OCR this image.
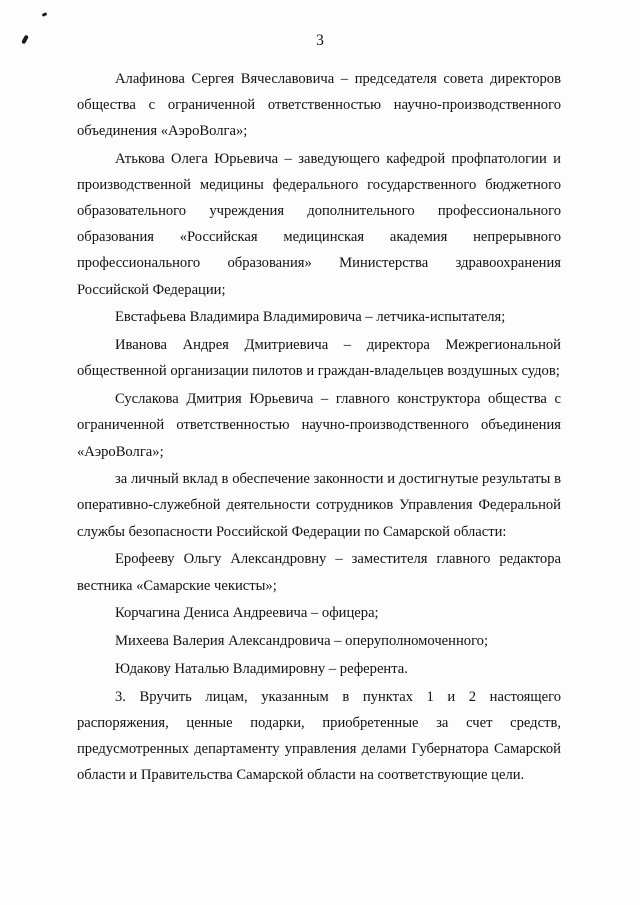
3

Алафинова Сергея Вячеславовича – председателя совета директоров общества с ограниченной ответственностью научно-производственного объединения «АэроВолга»;

Атькова Олега Юрьевича – заведующего кафедрой профпатологии и производственной медицины федерального государственного бюджетного образовательного учреждения дополнительного профессионального образования «Российская медицинская академия непрерывного профессионального образования» Министерства здравоохранения Российской Федерации;

Евстафьева Владимира Владимировича – летчика-испытателя;

Иванова Андрея Дмитриевича – директора Межрегиональной общественной организации пилотов и граждан-владельцев воздушных судов;

Суслакова Дмитрия Юрьевича – главного конструктора общества с ограниченной ответственностью научно-производственного объединения «АэроВолга»;

за личный вклад в обеспечение законности и достигнутые результаты в оперативно-служебной деятельности сотрудников Управления Федеральной службы безопасности Российской Федерации по Самарской области:

Ерофееву Ольгу Александровну – заместителя главного редактора вестника «Самарские чекисты»;

Корчагина Дениса Андреевича – офицера;

Михеева Валерия Александровича – оперуполномоченного;

Юдакову Наталью Владимировну – референта.

3. Вручить лицам, указанным в пунктах 1 и 2 настоящего распоряжения, ценные подарки, приобретенные за счет средств, предусмотренных департаменту управления делами Губернатора Самарской области и Правительства Самарской области на соответствующие цели.
